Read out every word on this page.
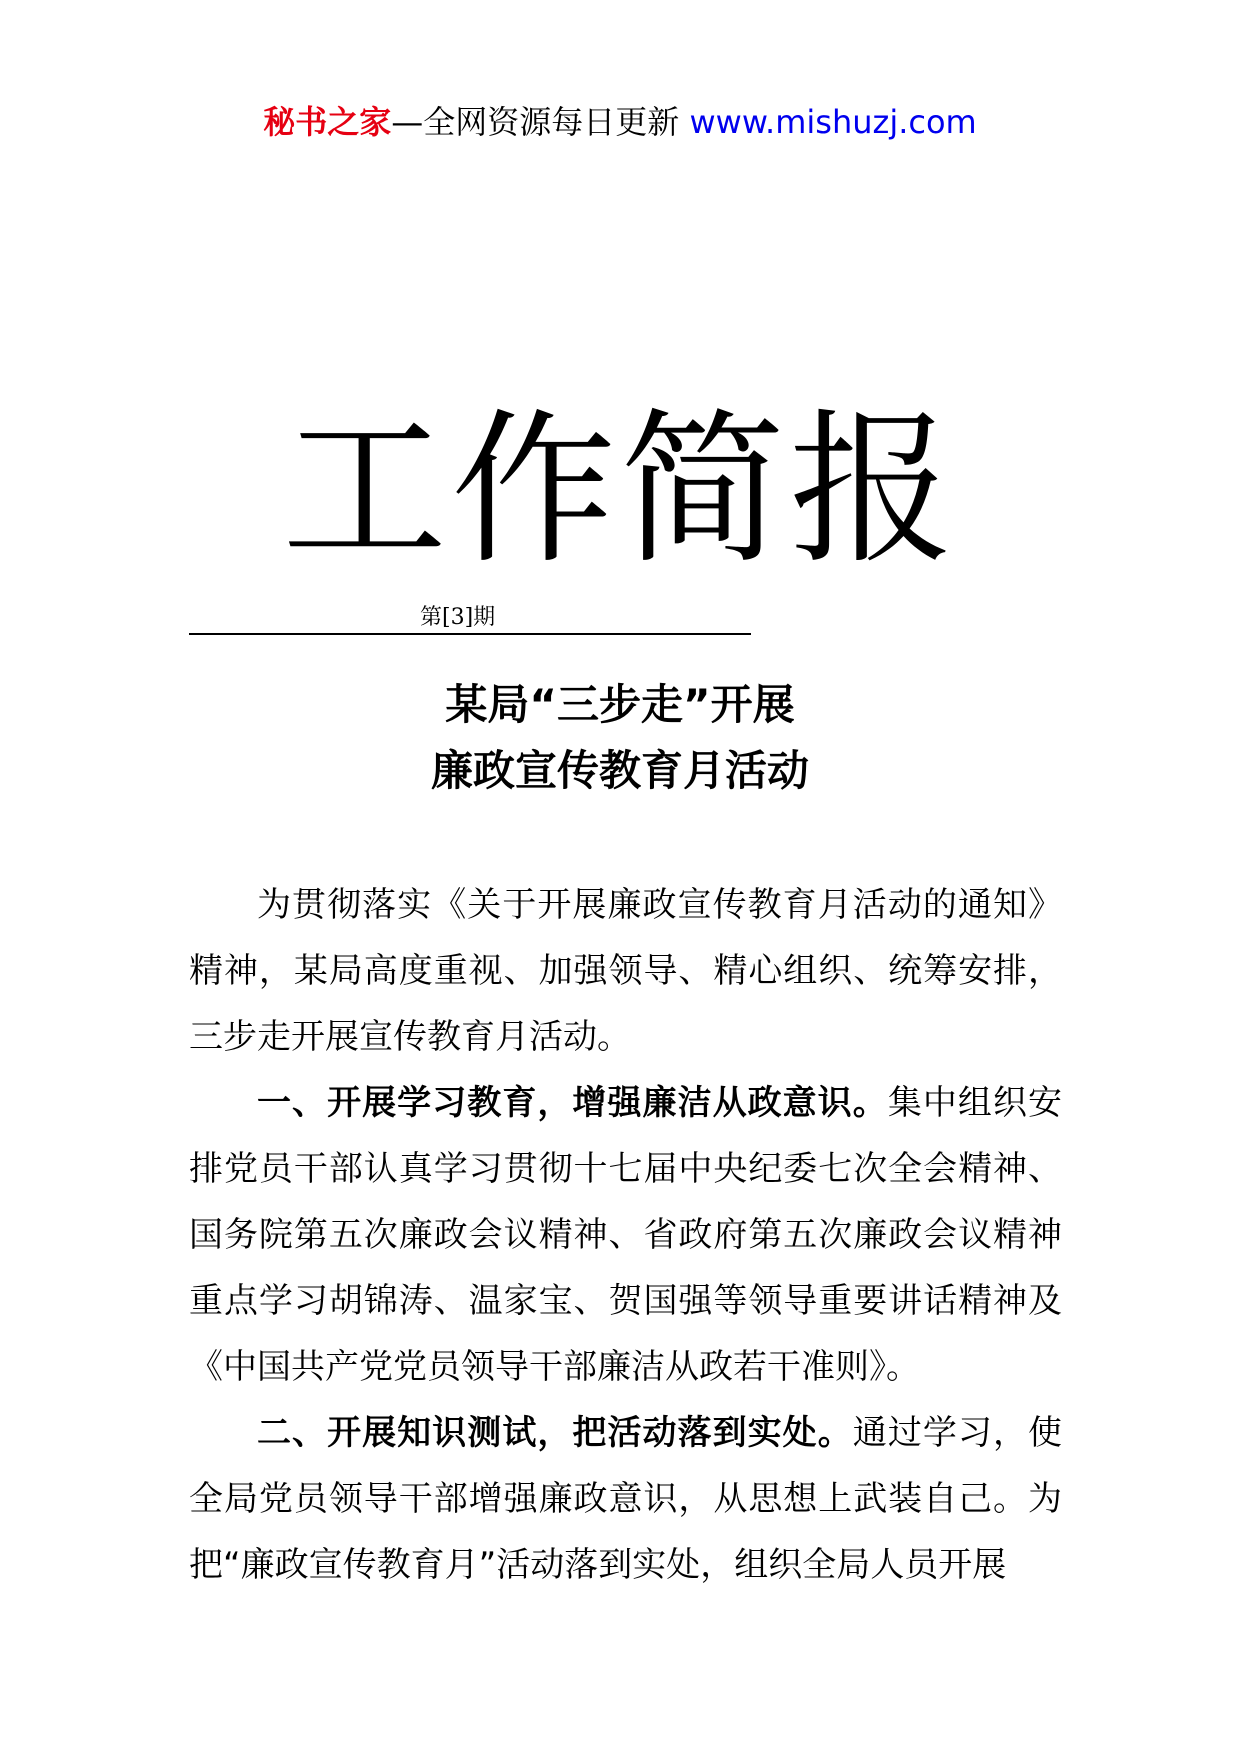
秘书之家—全网资源每日更新 www.mishuzj.com
工作简报
第[3]期
某局“三步走”开展
廉政宣传教育月活动

为贯彻落实《关于开展廉政宣传教育月活动的通知》精神，某局高度重视、加强领导、精心组织、统筹安排，三步走开展宣传教育月活动。

一、开展学习教育，增强廉洁从政意识。集中组织安排党员干部认真学习贯彻十七届中央纪委七次全会精神、国务院第五次廉政会议精神、省政府第五次廉政会议精神重点学习胡锦涛、温家宝、贺国强等领导重要讲话精神及《中国共产党党员领导干部廉洁从政若干准则》。

二、开展知识测试，把活动落到实处。通过学习，使全局党员领导干部增强廉政意识，从思想上武装自己。为把“廉政宣传教育月”活动落到实处，组织全局人员开展
